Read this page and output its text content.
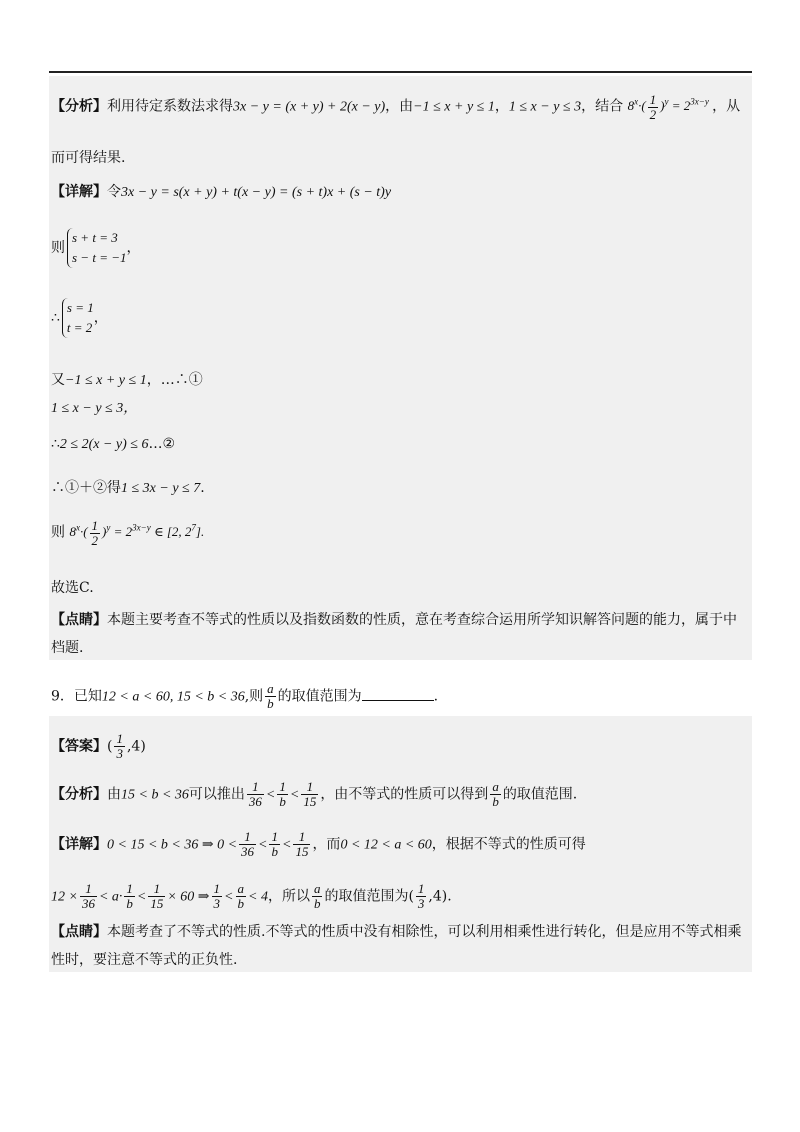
【分析】利用待定系数法求得3x − y = (x + y) + 2(x − y)，由−1 ≤ x + y ≤ 1，1 ≤ x − y ≤ 3，结合 $8^x\cdot( \frac{1}{2} )^y = 2^{3x-y}$ ，从
而可得结果.
【详解】令3x − y = s(x + y) + t(x − y) = (s + t)x + (s − t)y
则s + t = 3
s − t = −1，
∴s = 1
t = 2，
又−1 ≤ x + y ≤ 1，…∴①
1 ≤ x − y ≤ 3，
∴2 ≤ 2(x − y) ≤ 6…②
∴①＋②得1 ≤ 3x − y ≤ 7.
则 $8^x\cdot( \frac{1}{2} )^y = 2^{3x-y}$ ∈ [2, $2^7$].
故选C.
【点睛】本题主要考查不等式的性质以及指数函数的性质，意在考查综合运用所学知识解答问题的能力，属于中
档题.
9．已知12 < a < 60, 15 < b < 36,则 $\frac{a}{b}$ 的取值范围为	.
【答案】( $\frac{1}{3} ,4$)
【分析】由15 < b < 36可以推出 $\frac{1}{36} < \frac{1}{b} < \frac{1}{15}$ ，由不等式的性质可以得到 $\frac{a}{b}$ 的取值范围.
【详解】0 < 15 < b < 36 ⇒ $0 < \frac{1}{36} < \frac{1}{b} < \frac{1}{15}$ ，而0 < 12 < a < 60，根据不等式的性质可得
$12 \times \frac{1}{36} < a\cdot \frac{1}{b} < \frac{1}{15} \times 60$ ⇒ $\frac{1}{3} < \frac{a}{b} < 4$，所以 $\frac{a}{b}$ 的取值范围为( $\frac{1}{3} ,4$).
【点睛】本题考查了不等式的性质.不等式的性质中没有相除性，可以利用相乘性进行转化，但是应用不等式相乘
性时，要注意不等式的正负性.
